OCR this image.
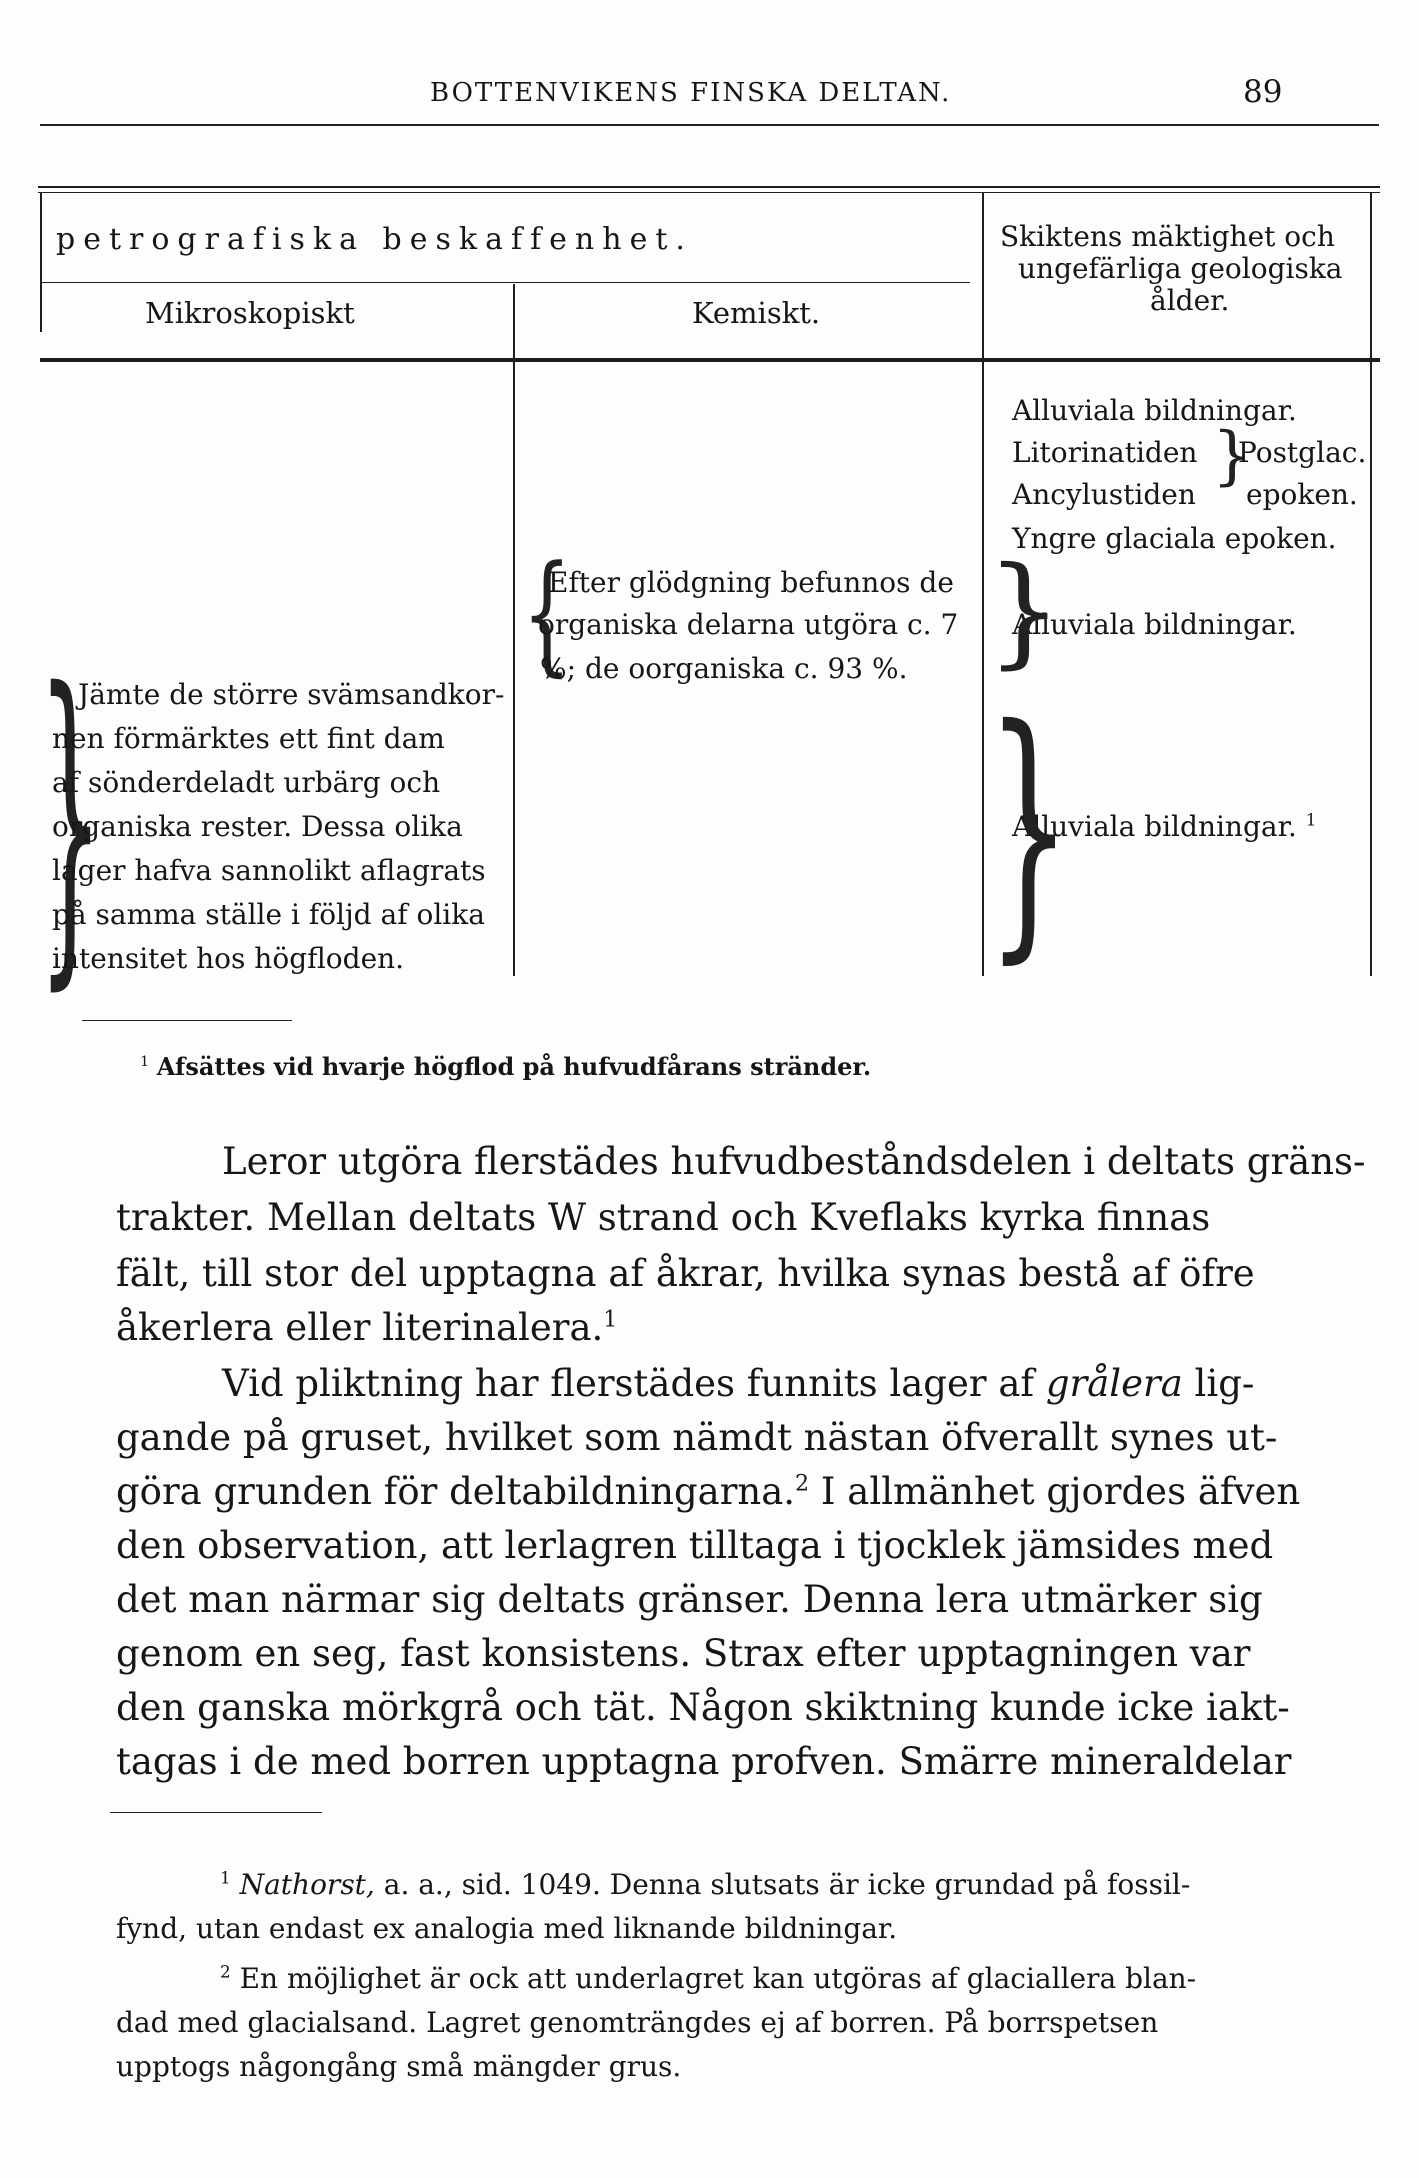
BOTTENVIKENS FINSKA DELTAN.	89
petrografiska beskaffenhet.
Mikroskopiskt	Kemiskt.
Skiktens mäktighet och
ungefärliga geologiska
ålder.
Alluviala bildningar.
Litorinatiden }
Postglac.
Ancylustiden epoken.
Yngre glaciala epoken.
Alluviala bildningar.
Alluviala bildningar. $^1$
}
}
{
Efter glödgning befunnos de
organiska delarna utgöra c. 7
%; de oorganiska c. 93 %.
}
Jämte de större svämsandkor-
nen förmärktes ett fint dam
af sönderdeladt urbärg och
organiska rester. Dessa olika
lager hafva sannolikt aflagrats
på samma ställe i följd af olika
intensitet hos högfloden.
$^1$ Afsättes vid hvarje högflod på hufvudfårans stränder.
Leror utgöra flerstädes hufvudbeståndsdelen i deltats gräns-
trakter. Mellan deltats W strand och Kveflaks kyrka finnas
fält, till stor del upptagna af åkrar, hvilka synas bestå af öfre
åkerlera eller literinalera.$^1$
Vid pliktning har flerstädes funnits lager af grålera lig-
gande på gruset, hvilket som nämdt nästan öfverallt synes ut-
göra grunden för deltabildningarna.$^2$ I allmänhet gjordes äfven
den observation, att lerlagren tilltaga i tjocklek jämsides med
det man närmar sig deltats gränser. Denna lera utmärker sig
genom en seg, fast konsistens. Strax efter upptagningen var
den ganska mörkgrå och tät. Någon skiktning kunde icke iakt-
tagas i de med borren upptagna profven. Smärre mineraldelar
$^1$ Nathorst, a. a., sid. 1049. Denna slutsats är icke grundad på fossil-
fynd, utan endast ex analogia med liknande bildningar.
$^2$ En möjlighet är ock att underlagret kan utgöras af glaciallera blan-
dad med glacialsand. Lagret genomträngdes ej af borren. På borrspetsen
upptogs någongång små mängder grus.
